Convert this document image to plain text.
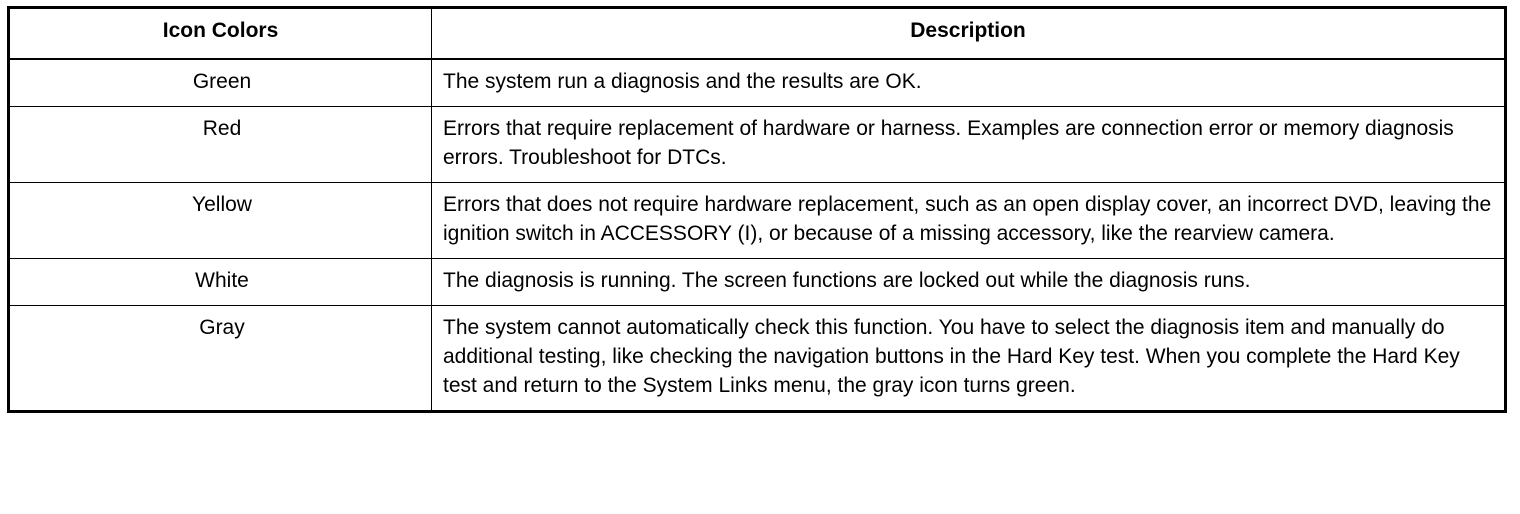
Icon Colors	Description
Green	The system run a diagnosis and the results are OK.
Red	Errors that require replacement of hardware or harness. Examples are connection error or memory diagnosis errors. Troubleshoot for DTCs.
Yellow	Errors that does not require hardware replacement, such as an open display cover, an incorrect DVD, leaving the ignition switch in ACCESSORY (I), or because of a missing accessory, like the rearview camera.
White	The diagnosis is running. The screen functions are locked out while the diagnosis runs.
Gray	The system cannot automatically check this function. You have to select the diagnosis item and manually do additional testing, like checking the navigation buttons in the Hard Key test. When you complete the Hard Key test and return to the System Links menu, the gray icon turns green.
